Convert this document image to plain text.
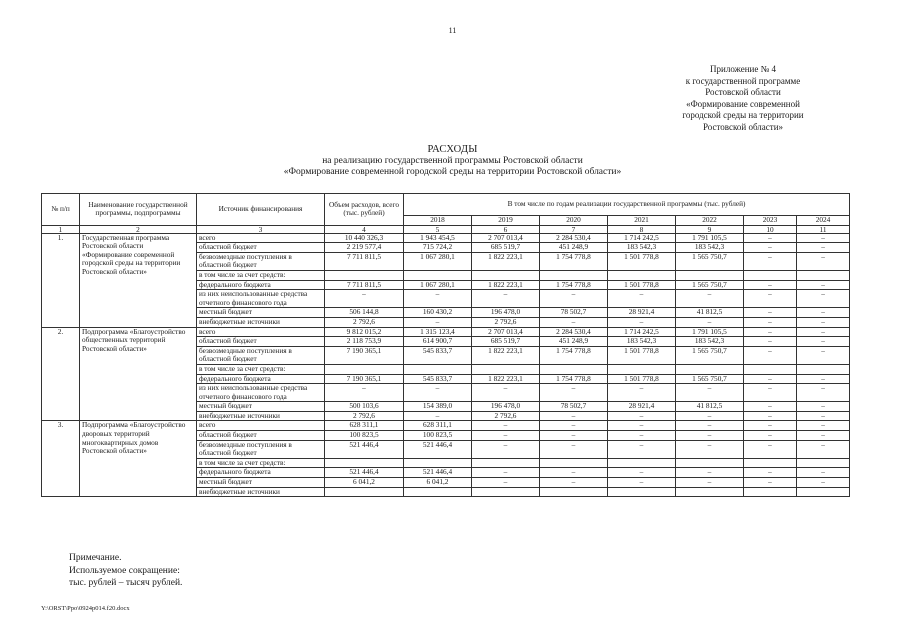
11
Приложение № 4
к государственной программе
Ростовской области
«Формирование современной
городской среды на территории
Ростовской области»
РАСХОДЫ
на реализацию государственной программы Ростовской области
«Формирование современной городской среды на территории Ростовской области»
№ п/п	Наименование государственной программы, подпрограммы	Источник финансирования	Объем расходов, всего (тыс. рублей)	В том числе по годам реализации государственной программы (тыс. рублей)						
				2018	2019	2020	2021	2022	2023	2024
1	2	3	4	5	6	7	8	9	10	11
1.	Государственная программа Ростовской области «Формирование современной городской среды на территории Ростовской области»	всего	10 440 326,3	1 943 454,5	2 707 013,4	2 284 530,4	1 714 242,5	1 791 105,5	–	–
		областной бюджет	2 219 577,4	715 724,2	685 519,7	451 248,9	183 542,3	183 542,3	–	–
		безвозмездные поступления в областной бюджет	7 711 811,5	1 067 280,1	1 822 223,1	1 754 778,8	1 501 778,8	1 565 750,7	–	–
		в том числе за счет средств:								
		федерального бюджета	7 711 811,5	1 067 280,1	1 822 223,1	1 754 778,8	1 501 778,8	1 565 750,7	–	–
		из них неиспользованные средства отчетного финансового года	–	–	–	–	–	–	–	–
		местный бюджет	506 144,8	160 430,2	196 478,0	78 502,7	28 921,4	41 812,5	–	–
		внебюджетные источники	2 792,6	–	2 792,6	–	–	–	–	–
2.	Подпрограмма «Благоустройство общественных территорий Ростовской области»	всего	9 812 015,2	1 315 123,4	2 707 013,4	2 284 530,4	1 714 242,5	1 791 105,5	–	–
		областной бюджет	2 118 753,9	614 900,7	685 519,7	451 248,9	183 542,3	183 542,3	–	–
		безвозмездные поступления в областной бюджет	7 190 365,1	545 833,7	1 822 223,1	1 754 778,8	1 501 778,8	1 565 750,7	–	–
		в том числе за счет средств:								
		федерального бюджета	7 190 365,1	545 833,7	1 822 223,1	1 754 778,8	1 501 778,8	1 565 750,7	–	–
		из них неиспользованные средства отчетного финансового года	–	–	–	–	–	–	–	–
		местный бюджет	500 103,6	154 389,0	196 478,0	78 502,7	28 921,4	41 812,5	–	–
		внебюджетные источники	2 792,6	–	2 792,6	–	–	–	–	–
3.	Подпрограмма «Благоустройство дворовых территорий многоквартирных домов Ростовской области»	всего	628 311,1	628 311,1	–	–	–	–	–	–
		областной бюджет	100 823,5	100 823,5	–	–	–	–	–	–
		безвозмездные поступления в областной бюджет	521 446,4	521 446,4	–	–	–	–	–	–
		в том числе за счет средств:								
		федерального бюджета	521 446,4	521 446,4	–	–	–	–	–	–
		местный бюджет	6 041,2	6 041,2	–	–	–	–	–	–
		внебюджетные источники								
Примечание.
Используемое сокращение:
тыс. рублей – тысяч рублей.
Y:\ORST\Ppo\0924p014.f20.docx
